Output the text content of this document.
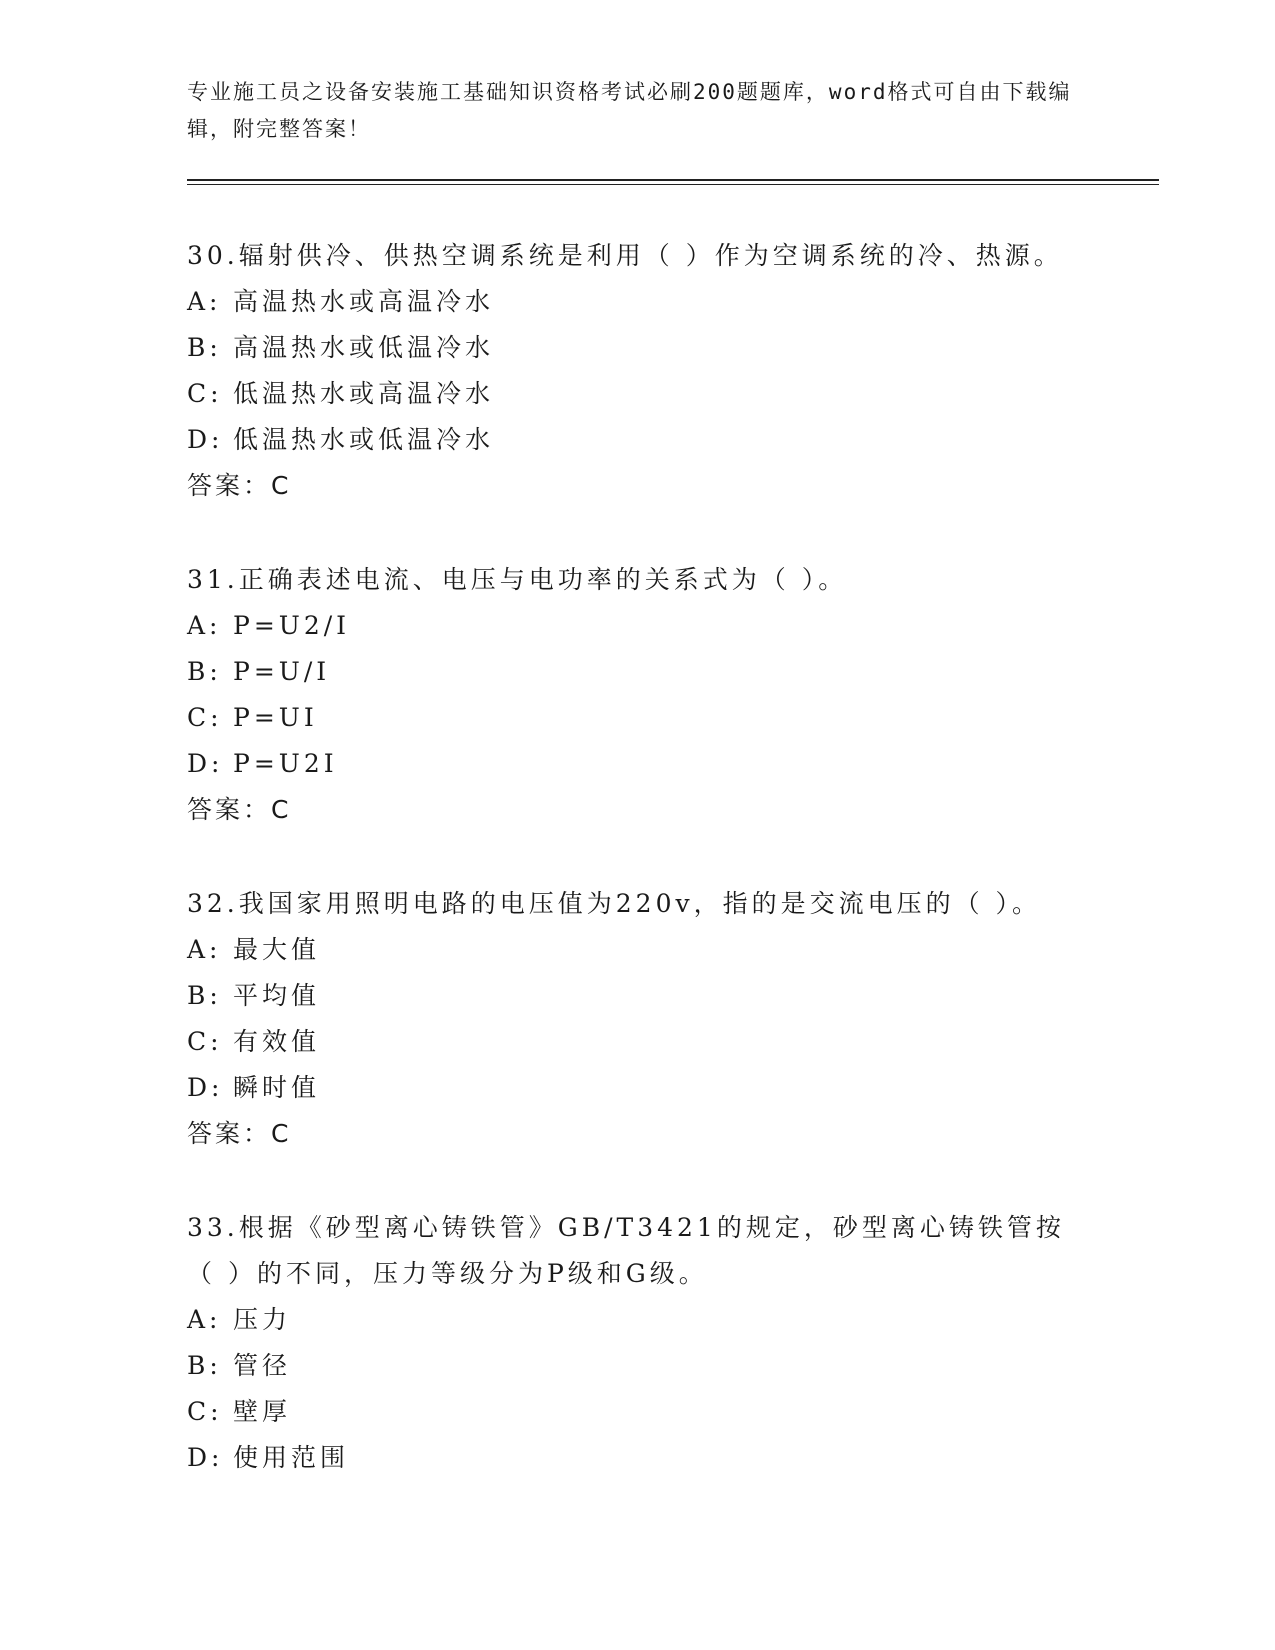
专业施工员之设备安装施工基础知识资格考试必刷200题题库，word格式可自由下载编辑，附完整答案！
30.辐射供冷、供热空调系统是利用（ ）作为空调系统的冷、热源。
A: 高温热水或高温冷水
B: 高温热水或低温冷水
C: 低温热水或高温冷水
D: 低温热水或低温冷水
答案：C
31.正确表述电流、电压与电功率的关系式为（ ）。
A: P=U2/I
B: P=U/I
C: P=UI
D: P=U2I
答案：C
32.我国家用照明电路的电压值为220v，指的是交流电压的（ ）。
A: 最大值
B: 平均值
C: 有效值
D: 瞬时值
答案：C
33.根据《砂型离心铸铁管》GB/T3421的规定，砂型离心铸铁管按（ ）的不同，压力等级分为P级和G级。
A: 压力
B: 管径
C: 壁厚
D: 使用范围
